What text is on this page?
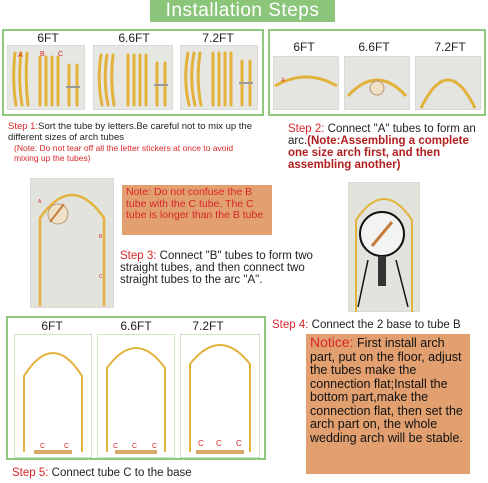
Installation Steps
6FT	6.6FT	7.2FT
A B C
Step 1:Sort the tube by letters.Be careful not to mix up the different sizes of arch tubes
(Note: Do not tear off all the letter stickers at once to avoid mixing up the tubes)
6FT	6.6FT	7.2FT
A
Step 2: Connect "A" tubes to form an arc.(Note:Assembling a complete one size arch first, and then assembling another)
A
B
C
Note: Do not confuse the B tube with the C tube. The C tube is longer than the B tube
Step 3: Connect "B" tubes to form two straight tubes, and then connect two straight tubes to the arc "A".
Step 4: Connect the 2 base to tube B
6FT	6.6FT	7.2FT
C	C	C C C	C C C
Step 5: Connect tube C to the base
Notice: First install arch part, put on the floor, adjust the tubes make the connection flat;Install the bottom part,make the connection flat, then set the arch part on, the whole wedding arch will be stable.
